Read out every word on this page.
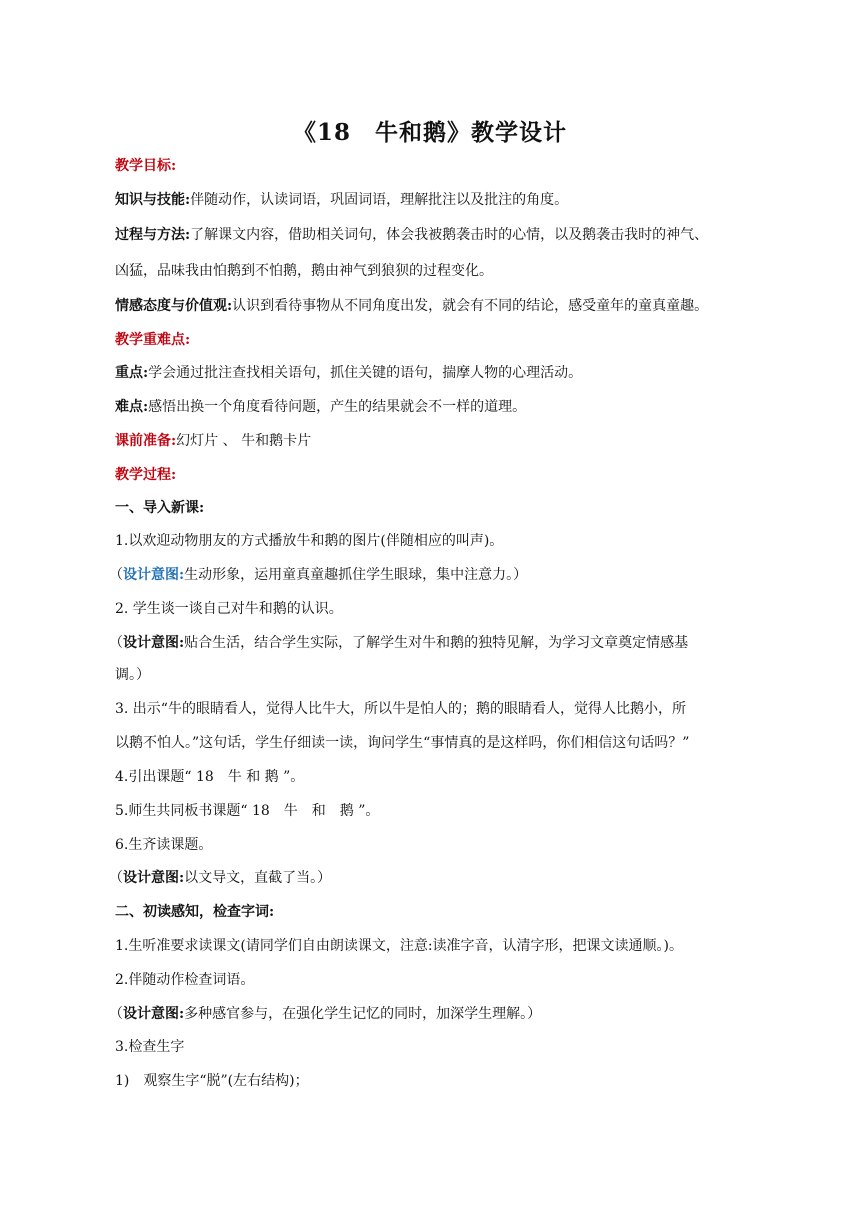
《18　牛和鹅》教学设计
教学目标:
知识与技能:伴随动作，认读词语，巩固词语，理解批注以及批注的角度。
过程与方法:了解课文内容，借助相关词句，体会我被鹅袭击时的心情，以及鹅袭击我时的神气、
凶猛，品味我由怕鹅到不怕鹅，鹅由神气到狼狈的过程变化。
情感态度与价值观:认识到看待事物从不同角度出发，就会有不同的结论，感受童年的童真童趣。
教学重难点:
重点:学会通过批注查找相关语句，抓住关键的语句，揣摩人物的心理活动。
难点:感悟出换一个角度看待问题，产生的结果就会不一样的道理。
课前准备:幻灯片 、 牛和鹅卡片
教学过程:
一、导入新课:
1.以欢迎动物朋友的方式播放牛和鹅的图片(伴随相应的叫声)。
（设计意图:生动形象，运用童真童趣抓住学生眼球，集中注意力。）
2. 学生谈一谈自己对牛和鹅的认识。
（设计意图:贴合生活，结合学生实际，了解学生对牛和鹅的独特见解，为学习文章奠定情感基
调。）
3. 出示“牛的眼睛看人，觉得人比牛大，所以牛是怕人的；鹅的眼睛看人，觉得人比鹅小，所
以鹅不怕人。”这句话，学生仔细读一读，询问学生“事情真的是这样吗，你们相信这句话吗？”
4.引出课题“ 18　牛 和 鹅 ”。
5.师生共同板书课题“ 18　牛　和　鹅 ”。
6.生齐读课题。
（设计意图:以文导文，直截了当。）
二、初读感知，检查字词:
1.生听准要求读课文(请同学们自由朗读课文，注意:读准字音，认清字形，把课文读通顺。)。
2.伴随动作检查词语。
（设计意图:多种感官参与，在强化学生记忆的同时，加深学生理解。）
3.检查生字
1)　观察生字“脱”(左右结构)；
